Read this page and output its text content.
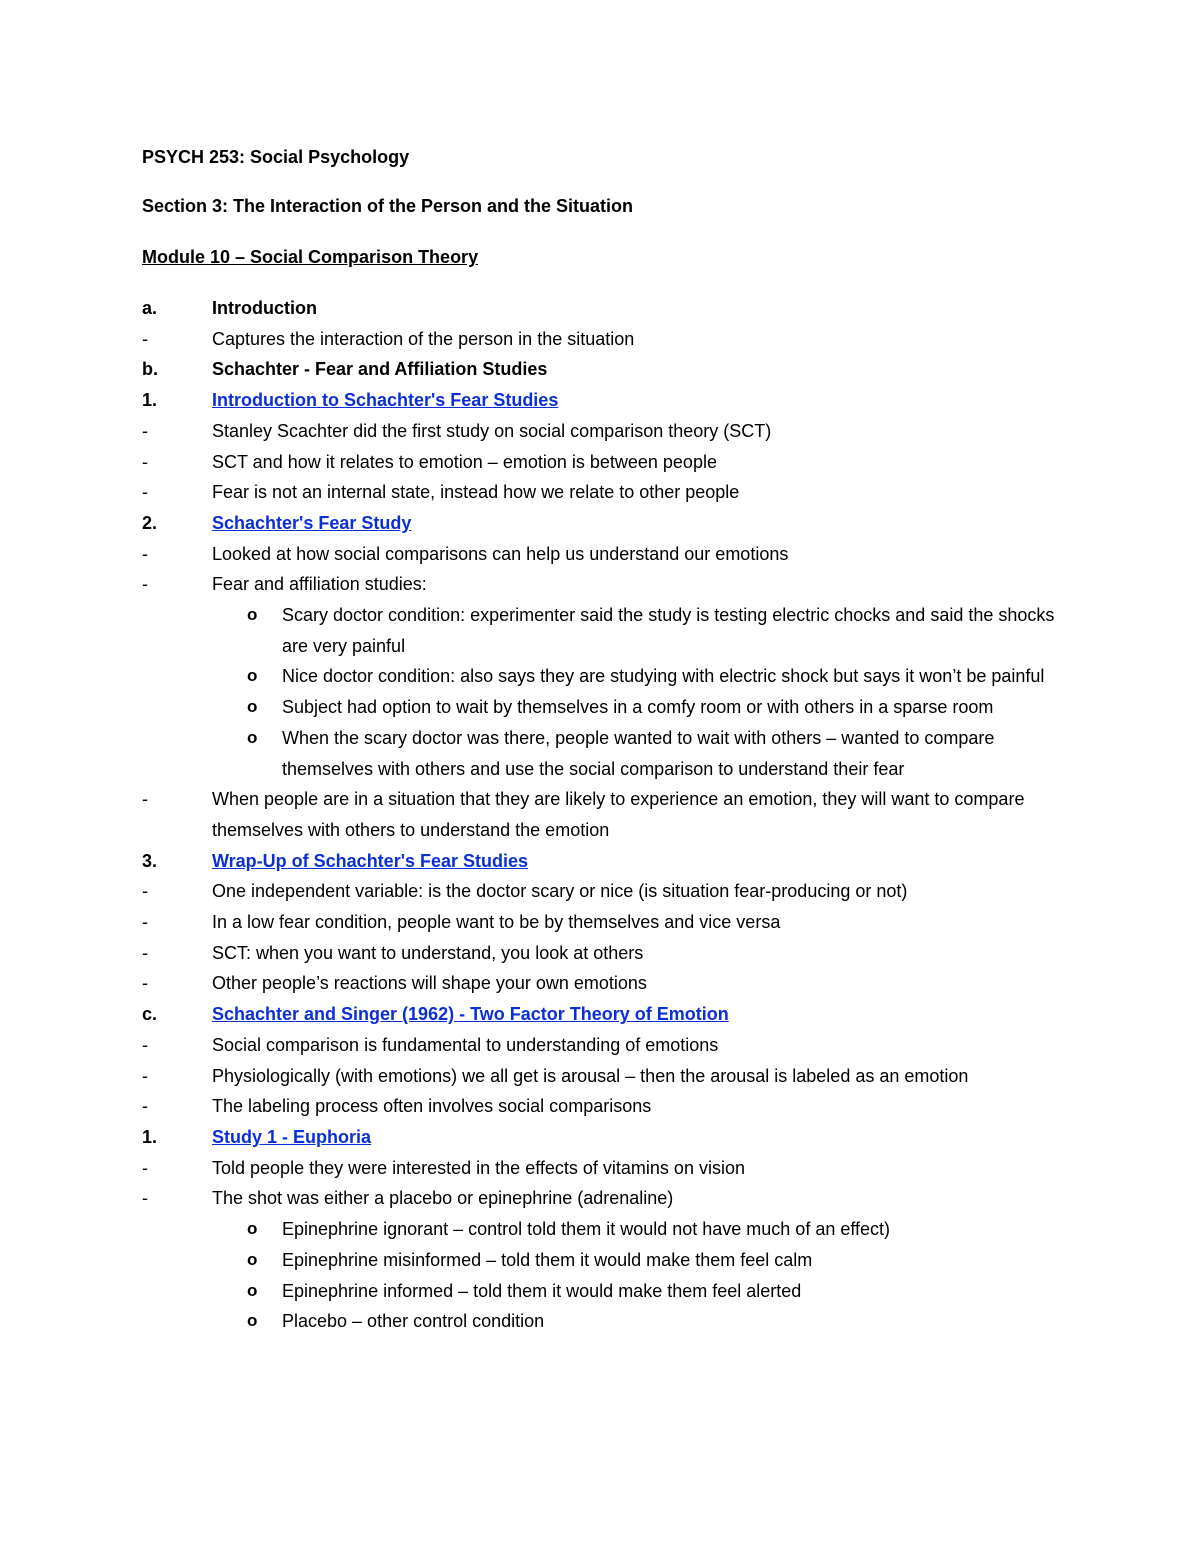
PSYCH 253: Social Psychology

Section 3: The Interaction of the Person and the Situation

Module 10 – Social Comparison Theory

a.	Introduction
-	Captures the interaction of the person in the situation
b.	Schachter - Fear and Affiliation Studies
1.	Introduction to Schachter's Fear Studies
-	Stanley Scachter did the first study on social comparison theory (SCT)
-	SCT and how it relates to emotion – emotion is between people
-	Fear is not an internal state, instead how we relate to other people
2.	Schachter's Fear Study
-	Looked at how social comparisons can help us understand our emotions
-	Fear and affiliation studies:
o	Scary doctor condition: experimenter said the study is testing electric chocks and said the shocks are very painful
o	Nice doctor condition: also says they are studying with electric shock but says it won’t be painful
o	Subject had option to wait by themselves in a comfy room or with others in a sparse room
o	When the scary doctor was there, people wanted to wait with others – wanted to compare themselves with others and use the social comparison to understand their fear
-	When people are in a situation that they are likely to experience an emotion, they will want to compare themselves with others to understand the emotion
3.	Wrap-Up of Schachter's Fear Studies
-	One independent variable: is the doctor scary or nice (is situation fear-producing or not)
-	In a low fear condition, people want to be by themselves and vice versa
-	SCT: when you want to understand, you look at others
-	Other people’s reactions will shape your own emotions
c.	Schachter and Singer (1962) - Two Factor Theory of Emotion
-	Social comparison is fundamental to understanding of emotions
-	Physiologically (with emotions) we all get is arousal – then the arousal is labeled as an emotion
-	The labeling process often involves social comparisons
1.	Study 1 - Euphoria
-	Told people they were interested in the effects of vitamins on vision
-	The shot was either a placebo or epinephrine (adrenaline)
o	Epinephrine ignorant – control told them it would not have much of an effect)
o	Epinephrine misinformed – told them it would make them feel calm
o	Epinephrine informed – told them it would make them feel alerted
o	Placebo – other control condition
